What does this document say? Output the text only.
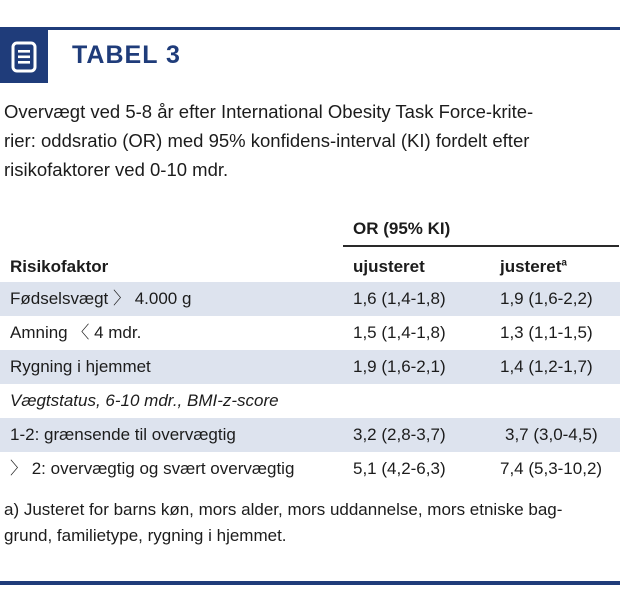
TABEL 3

Overvægt ved 5-8 år efter International Obesity Task Force-krite-

rier: oddsratio (OR) med 95% konfidens-interval (KI) fordelt efter

risikofaktorer ved 0-10 mdr.

OR (95% KI)
Risikofaktor	ujusteret	justeret$^a$
Fødselsvægt 〉 4.000 g	1,6 (1,4-1,8)	1,9 (1,6-2,2)
Amning 〈 4 mdr.	1,5 (1,4-1,8)	1,3 (1,1-1,5)
Rygning i hjemmet	1,9 (1,6-2,1)	1,4 (1,2-1,7)
Vægtstatus, 6-10 mdr., BMI-z-score
1-2: grænsende til overvægtig	3,2 (2,8-3,7)	3,7 (3,0-4,5)
〉 2: overvægtig og svært overvægtig	5,1 (4,2-6,3)	7,4 (5,3-10,2)

a) Justeret for barns køn, mors alder, mors uddannelse, mors etniske bag-

grund, familietype, rygning i hjemmet.
